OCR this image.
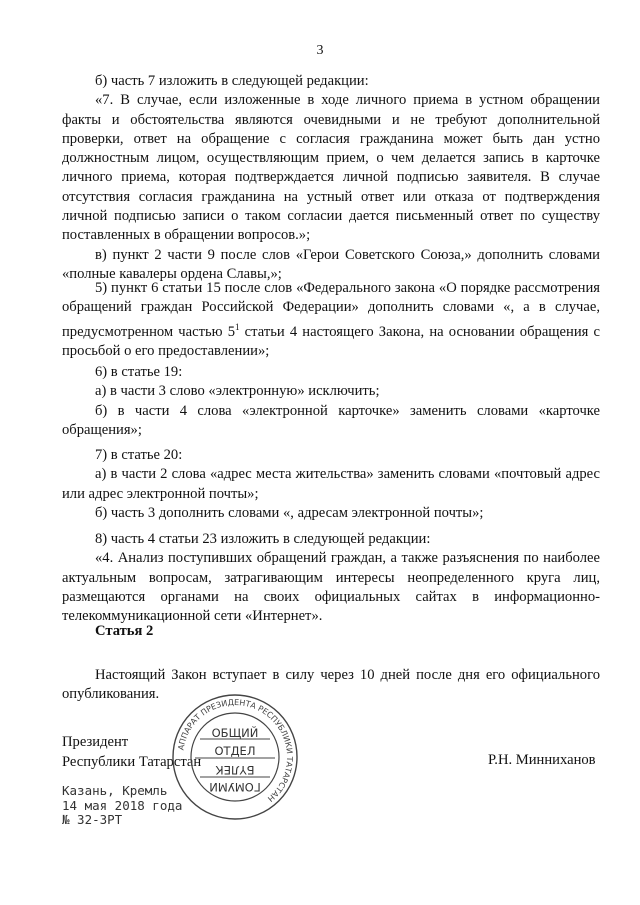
3

б) часть 7 изложить в следующей редакции:

«7. В случае, если изложенные в ходе личного приема в устном обращении факты и обстоятельства являются очевидными и не требуют дополнительной проверки, ответ на обращение с согласия гражданина может быть дан устно должностным лицом, осуществляющим прием, о чем делается запись в карточке личного приема, которая подтверждается личной подписью заявителя. В случае отсутствия согласия гражданина на устный ответ или отказа от подтверждения личной подписью записи о таком согласии дается письменный ответ по существу поставленных в обращении вопросов.»;

в) пункт 2 части 9 после слов «Герои Советского Союза,» дополнить словами «полные кавалеры ордена Славы,»;

5) пункт 6 статьи 15 после слов «Федерального закона «О порядке рассмотрения обращений граждан Российской Федерации» дополнить словами «, а в случае, предусмотренном частью $5^1$ статьи 4 настоящего Закона, на основании обращения с просьбой о его предоставлении»;

6) в статье 19:

а) в части 3 слово «электронную» исключить;

б) в части 4 слова «электронной карточке» заменить словами «карточке обращения»;

7) в статье 20:

а) в части 2 слова «адрес места жительства» заменить словами «почтовый адрес или адрес электронной почты»;

б) часть 3 дополнить словами «, адресам электронной почты»;

8) часть 4 статьи 23 изложить в следующей редакции:

«4. Анализ поступивших обращений граждан, а также разъяснения по наиболее актуальным вопросам, затрагивающим интересы неопределенного круга лиц, размещаются органами на своих официальных сайтах в информационно-телекоммуникационной сети «Интернет».

Статья 2

Настоящий Закон вступает в силу через 10 дней после дня его официального опубликования.

Президент
Республики Татарстан
АППАРАТ ПРЕЗИДЕНТА РЕСПУБЛИКИ ТАТАРСТАН
ОБЩИЙ
ОТДЕЛ
БҮЛЕК
ГОМУМИ
Р.Н. Минниханов
Казань, Кремль
14 мая 2018 года
№ 32-ЗРТ
